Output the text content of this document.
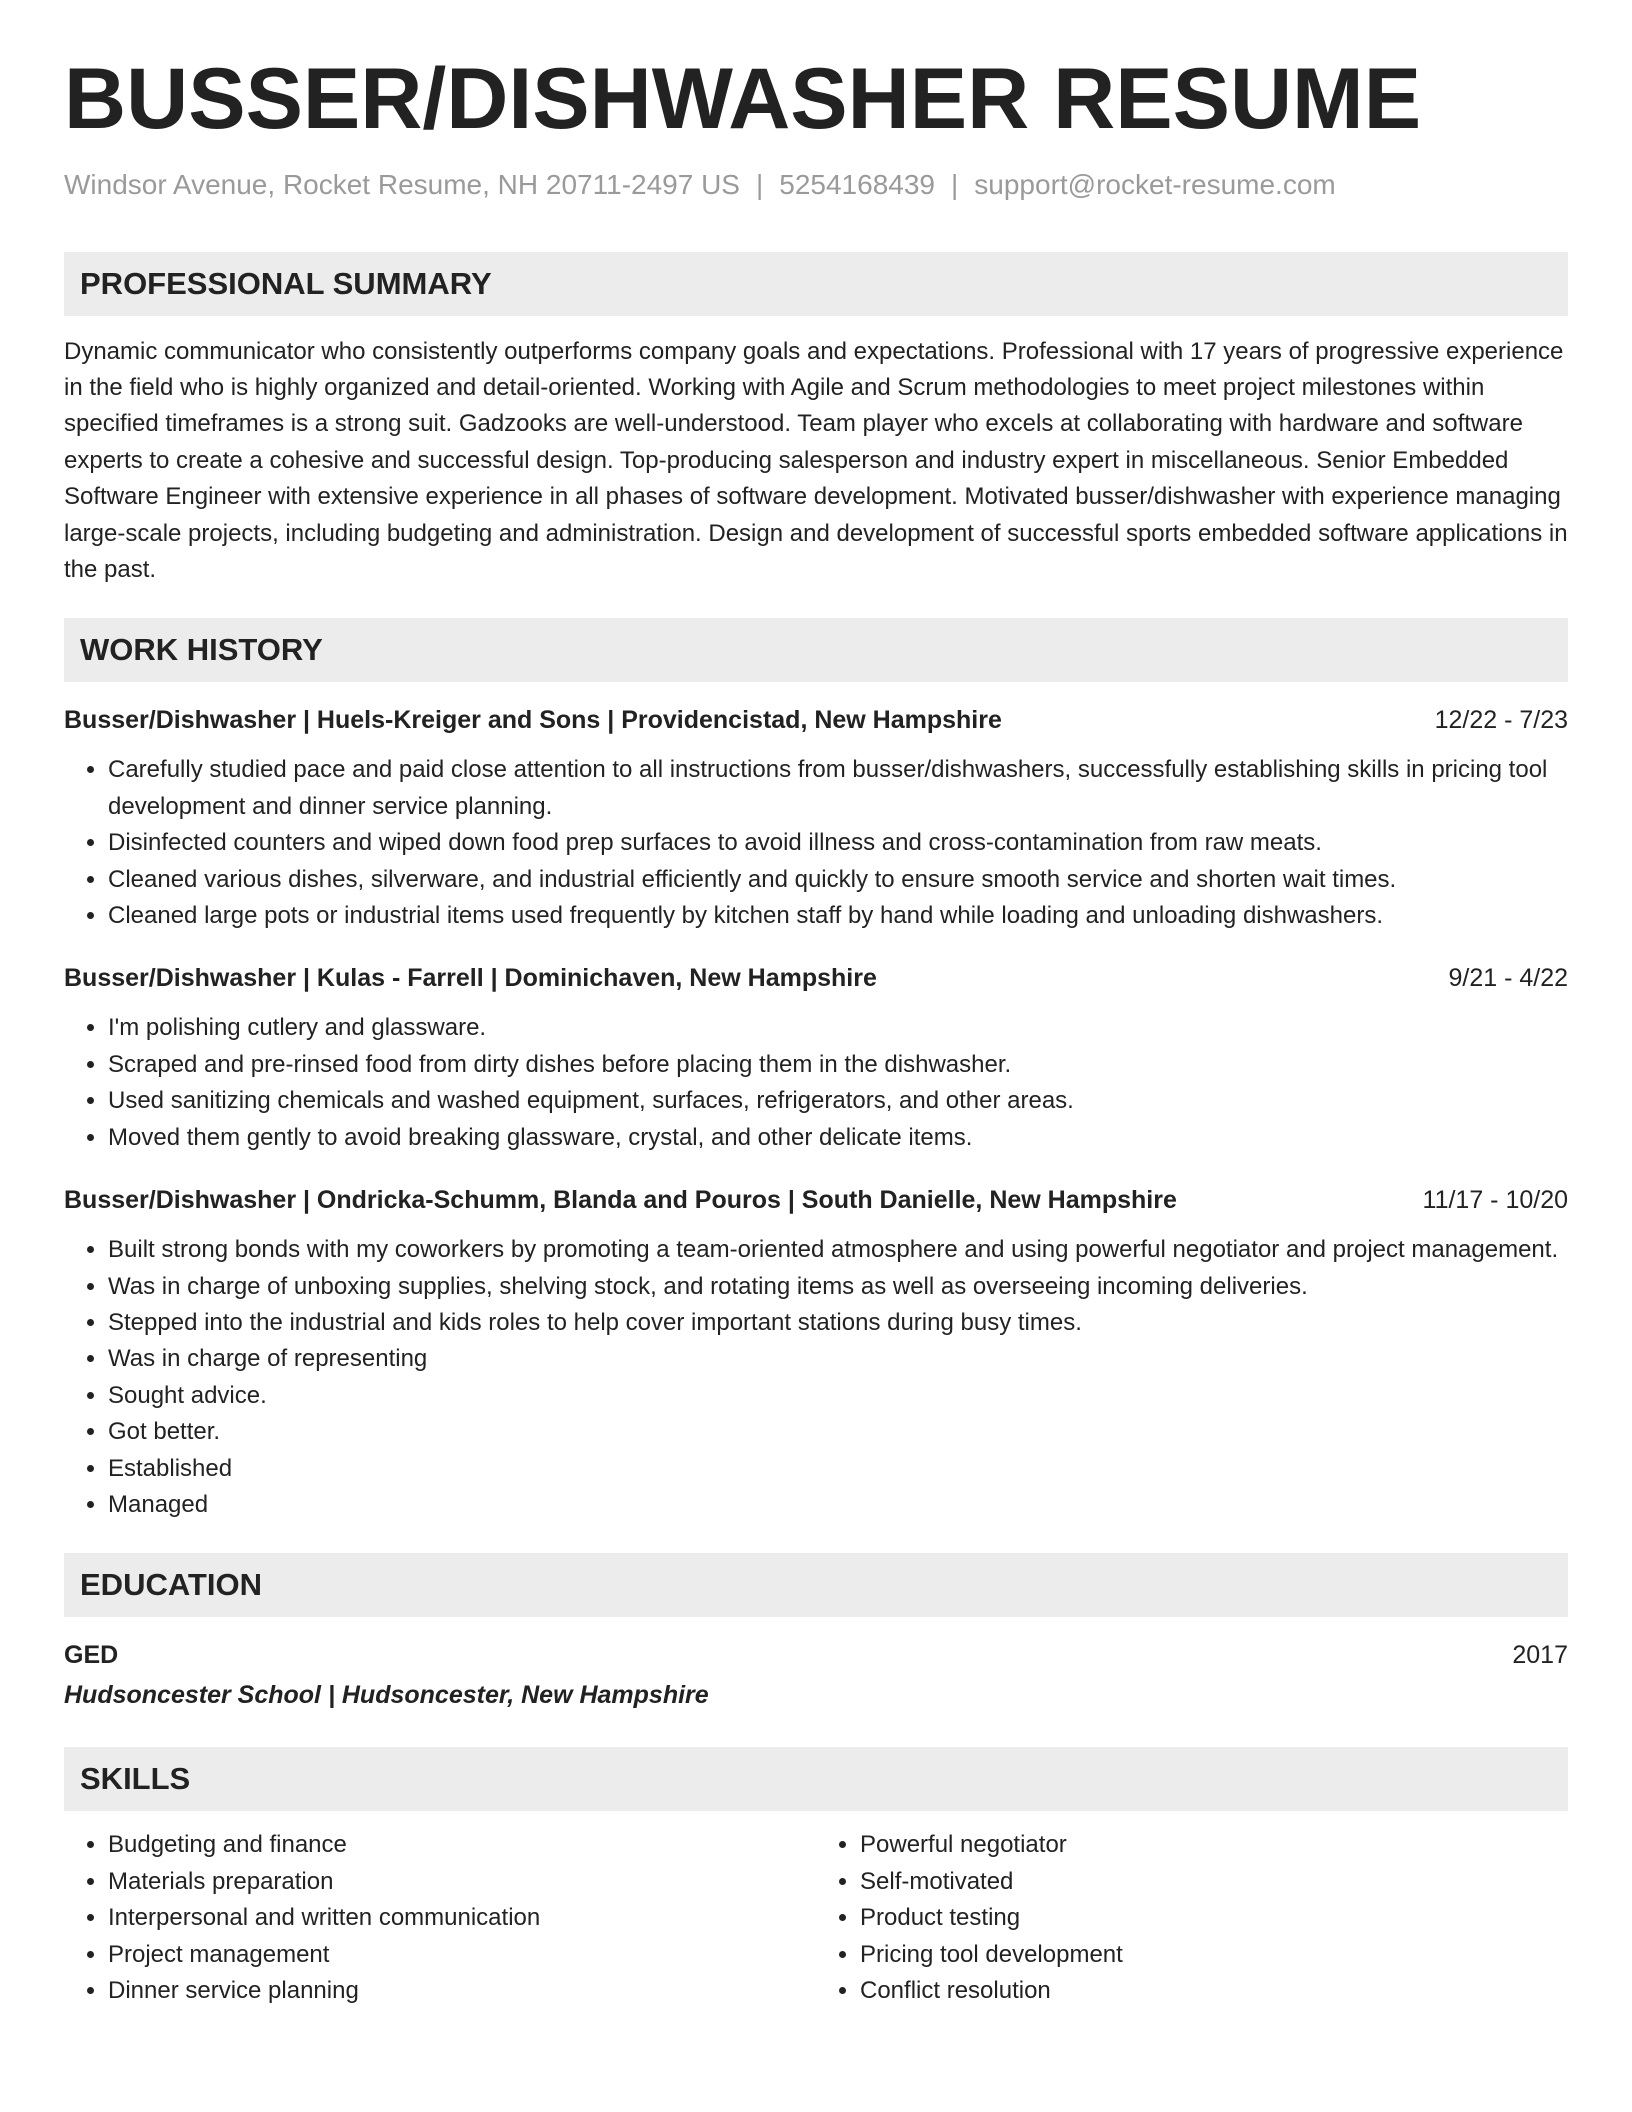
BUSSER/DISHWASHER RESUME
Windsor Avenue, Rocket Resume, NH 20711-2497 US | 5254168439 | support@rocket-resume.com
PROFESSIONAL SUMMARY

Dynamic communicator who consistently outperforms company goals and expectations. Professional with 17 years of progressive experience in the field who is highly organized and detail-oriented. Working with Agile and Scrum methodologies to meet project milestones within specified timeframes is a strong suit. Gadzooks are well-understood. Team player who excels at collaborating with hardware and software experts to create a cohesive and successful design. Top-producing salesperson and industry expert in miscellaneous. Senior Embedded Software Engineer with extensive experience in all phases of software development. Motivated busser/dishwasher with experience managing large-scale projects, including budgeting and administration. Design and development of successful sports embedded software applications in the past.

WORK HISTORY
Busser/Dishwasher | Huels-Kreiger and Sons | Providencistad, New Hampshire	12/22 - 7/23
• Carefully studied pace and paid close attention to all instructions from busser/dishwashers, successfully establishing skills in pricing tool development and dinner service planning.
• Disinfected counters and wiped down food prep surfaces to avoid illness and cross-contamination from raw meats.
• Cleaned various dishes, silverware, and industrial efficiently and quickly to ensure smooth service and shorten wait times.
• Cleaned large pots or industrial items used frequently by kitchen staff by hand while loading and unloading dishwashers.
Busser/Dishwasher | Kulas - Farrell | Dominichaven, New Hampshire	9/21 - 4/22
• I'm polishing cutlery and glassware.
• Scraped and pre-rinsed food from dirty dishes before placing them in the dishwasher.
• Used sanitizing chemicals and washed equipment, surfaces, refrigerators, and other areas.
• Moved them gently to avoid breaking glassware, crystal, and other delicate items.
Busser/Dishwasher | Ondricka-Schumm, Blanda and Pouros | South Danielle, New Hampshire	11/17 - 10/20
• Built strong bonds with my coworkers by promoting a team-oriented atmosphere and using powerful negotiator and project management.
• Was in charge of unboxing supplies, shelving stock, and rotating items as well as overseeing incoming deliveries.
• Stepped into the industrial and kids roles to help cover important stations during busy times.
• Was in charge of representing
• Sought advice.
• Got better.
• Established
• Managed
EDUCATION
GED	2017
Hudsoncester School | Hudsoncester, New Hampshire
SKILLS
• Budgeting and finance
• Materials preparation
• Interpersonal and written communication
• Project management
• Dinner service planning
• Powerful negotiator
• Self-motivated
• Product testing
• Pricing tool development
• Conflict resolution
